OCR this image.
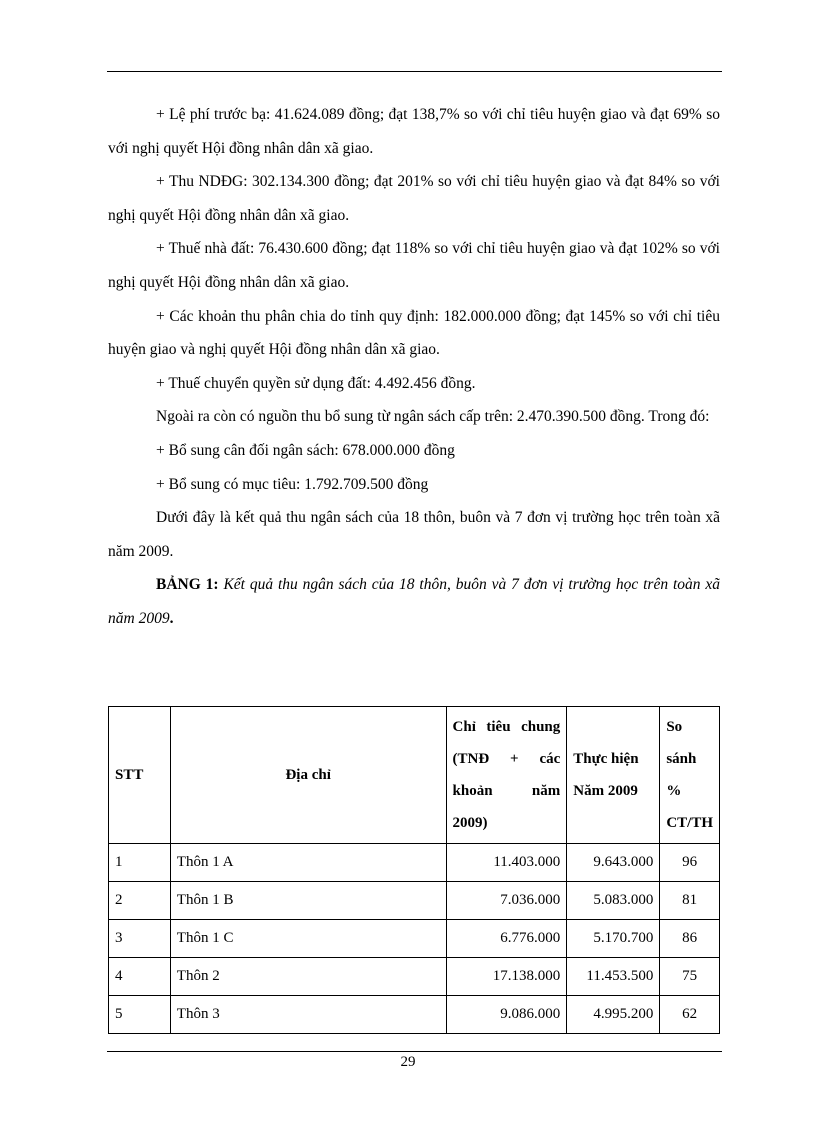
+ Lệ phí trước bạ: 41.624.089 đồng; đạt 138,7% so với chỉ tiêu huyện giao và đạt 69% so với nghị quyết Hội đồng nhân dân xã giao.

+ Thu NDĐG: 302.134.300 đồng; đạt 201% so với chỉ tiêu huyện giao và đạt 84% so với nghị quyết Hội đồng nhân dân xã giao.

+ Thuế nhà đất: 76.430.600 đồng; đạt 118% so với chỉ tiêu huyện giao và đạt 102% so với nghị quyết Hội đồng nhân dân xã giao.

+ Các khoản thu phân chia do tỉnh quy định: 182.000.000 đồng; đạt 145% so với chỉ tiêu huyện giao và nghị quyết Hội đồng nhân dân xã giao.

+ Thuế chuyển quyền sử dụng đất: 4.492.456 đồng.

Ngoài ra còn có nguồn thu bổ sung từ ngân sách cấp trên: 2.470.390.500 đồng. Trong đó:

+ Bổ sung cân đối ngân sách: 678.000.000 đồng

+ Bổ sung có mục tiêu: 1.792.709.500 đồng

Dưới đây là kết quả thu ngân sách của 18 thôn, buôn và 7 đơn vị trường học trên toàn xã năm 2009.

BẢNG 1: Kết quả thu ngân sách của 18 thôn, buôn và 7 đơn vị trường học trên toàn xã năm 2009.

STT	Địa chỉ	Chỉ tiêu chung (TNĐ + các khoản năm 2009)	Thực hiện Năm 2009	So sánh % CT/TH
1	Thôn 1 A	11.403.000	9.643.000	96
2	Thôn 1 B	7.036.000	5.083.000	81
3	Thôn 1 C	6.776.000	5.170.700	86
4	Thôn 2	17.138.000	11.453.500	75
5	Thôn 3	9.086.000	4.995.200	62
29
